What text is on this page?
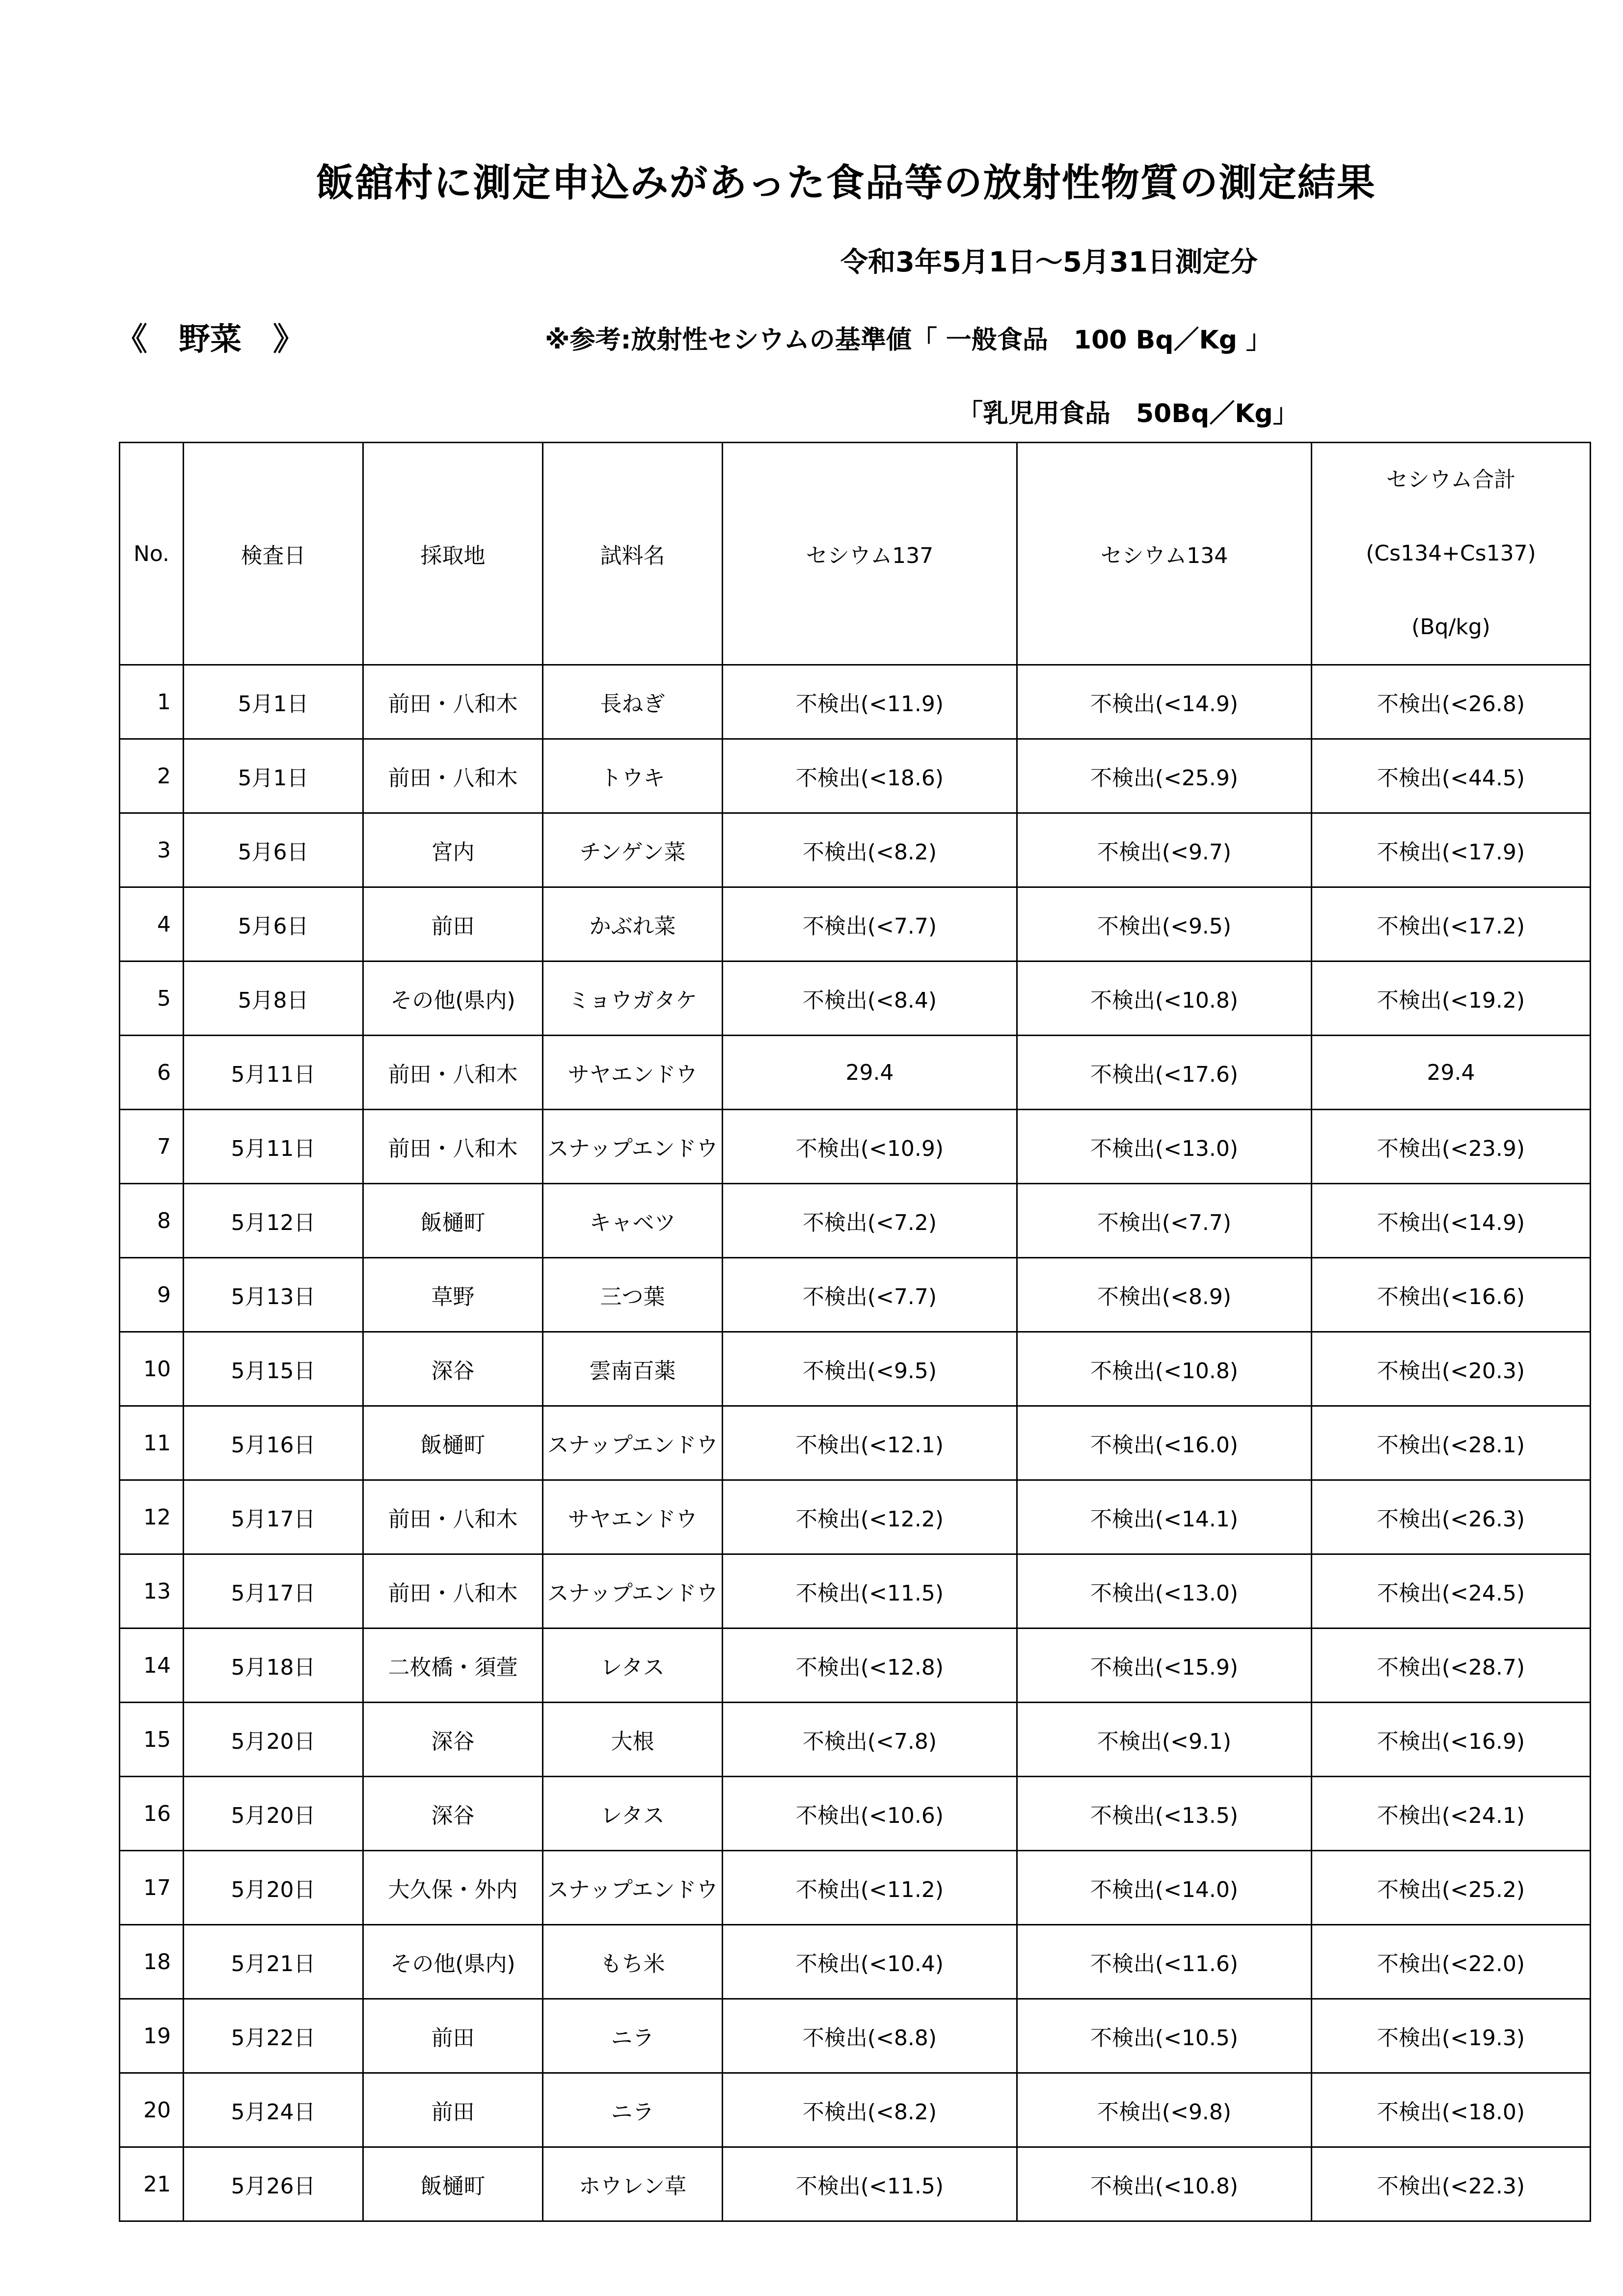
飯舘村に測定申込みがあった食品等の放射性物質の測定結果
令和3年5月1日～5月31日測定分
《　野菜　》	※参考:放射性セシウムの基準値「 一般食品　100 Bq／Kg 」
「乳児用食品　50Bq／Kg」
No.	検査日	採取地	試料名	セシウム137	セシウム134	セシウム合計
(Cs134+Cs137)
(Bq/kg)

1	5月1日	前田・八和木	長ねぎ	不検出(<11.9)	不検出(<14.9)	不検出(<26.8)
2	5月1日	前田・八和木	トウキ	不検出(<18.6)	不検出(<25.9)	不検出(<44.5)
3	5月6日	宮内	チンゲン菜	不検出(<8.2)	不検出(<9.7)	不検出(<17.9)
4	5月6日	前田	かぶれ菜	不検出(<7.7)	不検出(<9.5)	不検出(<17.2)
5	5月8日	その他(県内)	ミョウガタケ	不検出(<8.4)	不検出(<10.8)	不検出(<19.2)
6	5月11日	前田・八和木	サヤエンドウ	29.4	不検出(<17.6)	29.4
7	5月11日	前田・八和木	スナップエンドウ	不検出(<10.9)	不検出(<13.0)	不検出(<23.9)
8	5月12日	飯樋町	キャベツ	不検出(<7.2)	不検出(<7.7)	不検出(<14.9)
9	5月13日	草野	三つ葉	不検出(<7.7)	不検出(<8.9)	不検出(<16.6)
10	5月15日	深谷	雲南百薬	不検出(<9.5)	不検出(<10.8)	不検出(<20.3)
11	5月16日	飯樋町	スナップエンドウ	不検出(<12.1)	不検出(<16.0)	不検出(<28.1)
12	5月17日	前田・八和木	サヤエンドウ	不検出(<12.2)	不検出(<14.1)	不検出(<26.3)
13	5月17日	前田・八和木	スナップエンドウ	不検出(<11.5)	不検出(<13.0)	不検出(<24.5)
14	5月18日	二枚橋・須萱	レタス	不検出(<12.8)	不検出(<15.9)	不検出(<28.7)
15	5月20日	深谷	大根	不検出(<7.8)	不検出(<9.1)	不検出(<16.9)
16	5月20日	深谷	レタス	不検出(<10.6)	不検出(<13.5)	不検出(<24.1)
17	5月20日	大久保・外内	スナップエンドウ	不検出(<11.2)	不検出(<14.0)	不検出(<25.2)
18	5月21日	その他(県内)	もち米	不検出(<10.4)	不検出(<11.6)	不検出(<22.0)
19	5月22日	前田	ニラ	不検出(<8.8)	不検出(<10.5)	不検出(<19.3)
20	5月24日	前田	ニラ	不検出(<8.2)	不検出(<9.8)	不検出(<18.0)
21	5月26日	飯樋町	ホウレン草	不検出(<11.5)	不検出(<10.8)	不検出(<22.3)
